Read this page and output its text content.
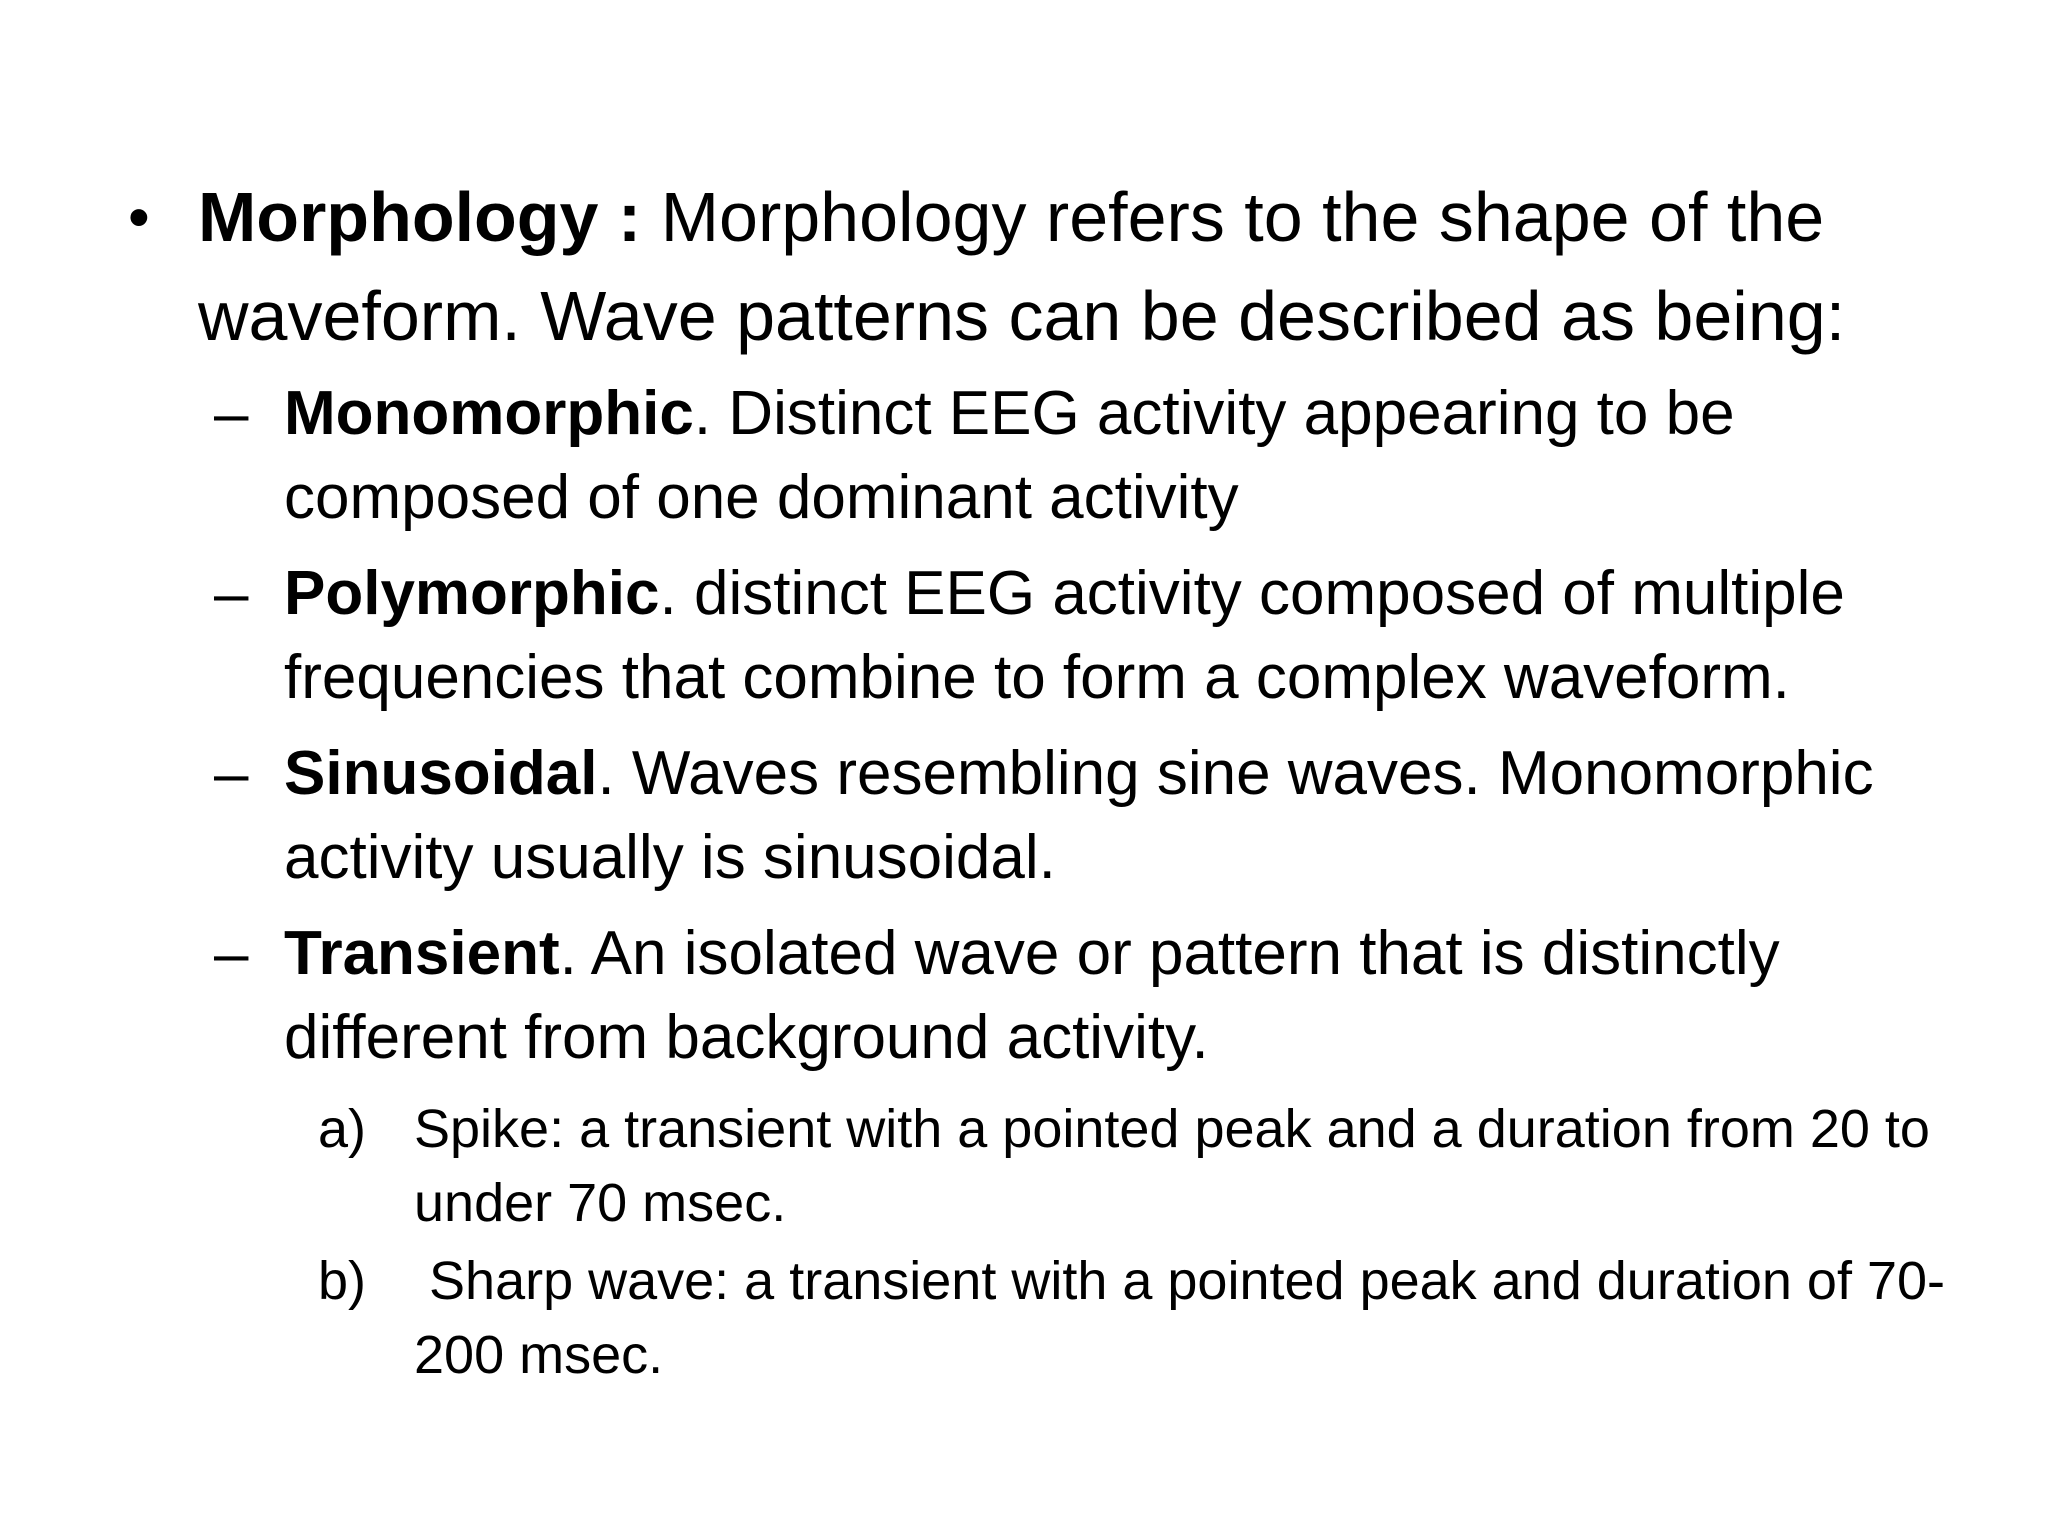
• Morphology : Morphology refers to the shape of the waveform. Wave patterns can be described as being:
– Monomorphic. Distinct EEG activity appearing to be composed of one dominant activity
– Polymorphic. distinct EEG activity composed of multiple frequencies that combine to form a complex waveform.
– Sinusoidal. Waves resembling sine waves. Monomorphic activity usually is sinusoidal.
– Transient. An isolated wave or pattern that is distinctly different from background activity.
a) Spike: a transient with a pointed peak and a duration from 20 to under 70 msec.
b) Sharp wave: a transient with a pointed peak and duration of 70-200 msec.
